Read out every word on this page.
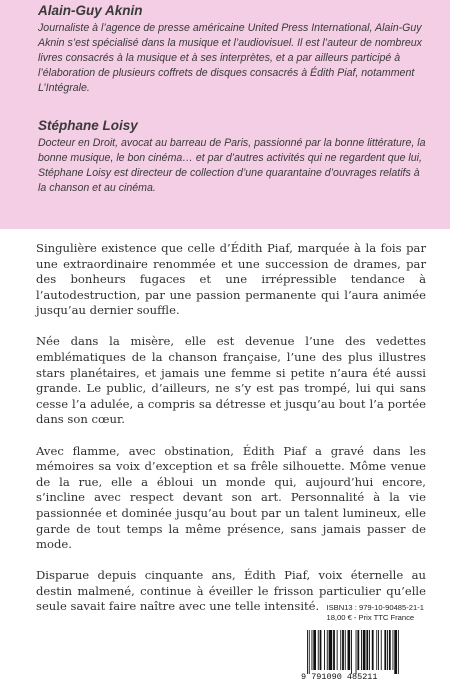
Alain-Guy Aknin

Journaliste à l’agence de presse américaine United Press International, Alain-Guy Aknin s’est spécialisé dans la musique et l’audiovisuel. Il est l’auteur de nombreux livres consacrés à la musique et à ses interprètes, et a par ailleurs participé à l’élaboration de plusieurs coffrets de disques consacrés à Édith Piaf, notamment L’Intégrale.

Stéphane Loisy

Docteur en Droit, avocat au barreau de Paris, passionné par la bonne littérature, la bonne musique, le bon cinéma… et par d’autres activités qui ne regardent que lui, Stéphane Loisy est directeur de collection d’une quarantaine d’ouvrages relatifs à la chanson et au cinéma.

Singulière existence que celle d’Édith Piaf, marquée à la fois par une extraordinaire renommée et une succession de drames, par des bonheurs fugaces et une irrépressible tendance à l’autodestruction, par une passion permanente qui l’aura animée jusqu’au dernier souffle.

Née dans la misère, elle est devenue l’une des vedettes emblématiques de la chanson française, l’une des plus illustres stars planétaires, et jamais une femme si petite n’aura été aussi grande. Le public, d’ailleurs, ne s’y est pas trompé, lui qui sans cesse l’a adulée, a compris sa détresse et jusqu’au bout l’a portée dans son cœur.

Avec flamme, avec obstination, Édith Piaf a gravé dans les mémoires sa voix d’exception et sa frêle silhouette. Môme venue de la rue, elle a ébloui un monde qui, aujourd’hui encore, s’incline avec respect devant son art. Personnalité à la vie passionnée et dominée jusqu’au bout par un talent lumineux, elle garde de tout temps la même présence, sans jamais passer de mode.

Disparue depuis cinquante ans, Édith Piaf, voix éternelle au destin malmené, continue à éveiller le frisson particulier qu’elle seule savait faire naître avec une telle intensité. ISBN13 : 979-10-90485-21-1
18,00 € - Prix TTC France
9 791090 485211
